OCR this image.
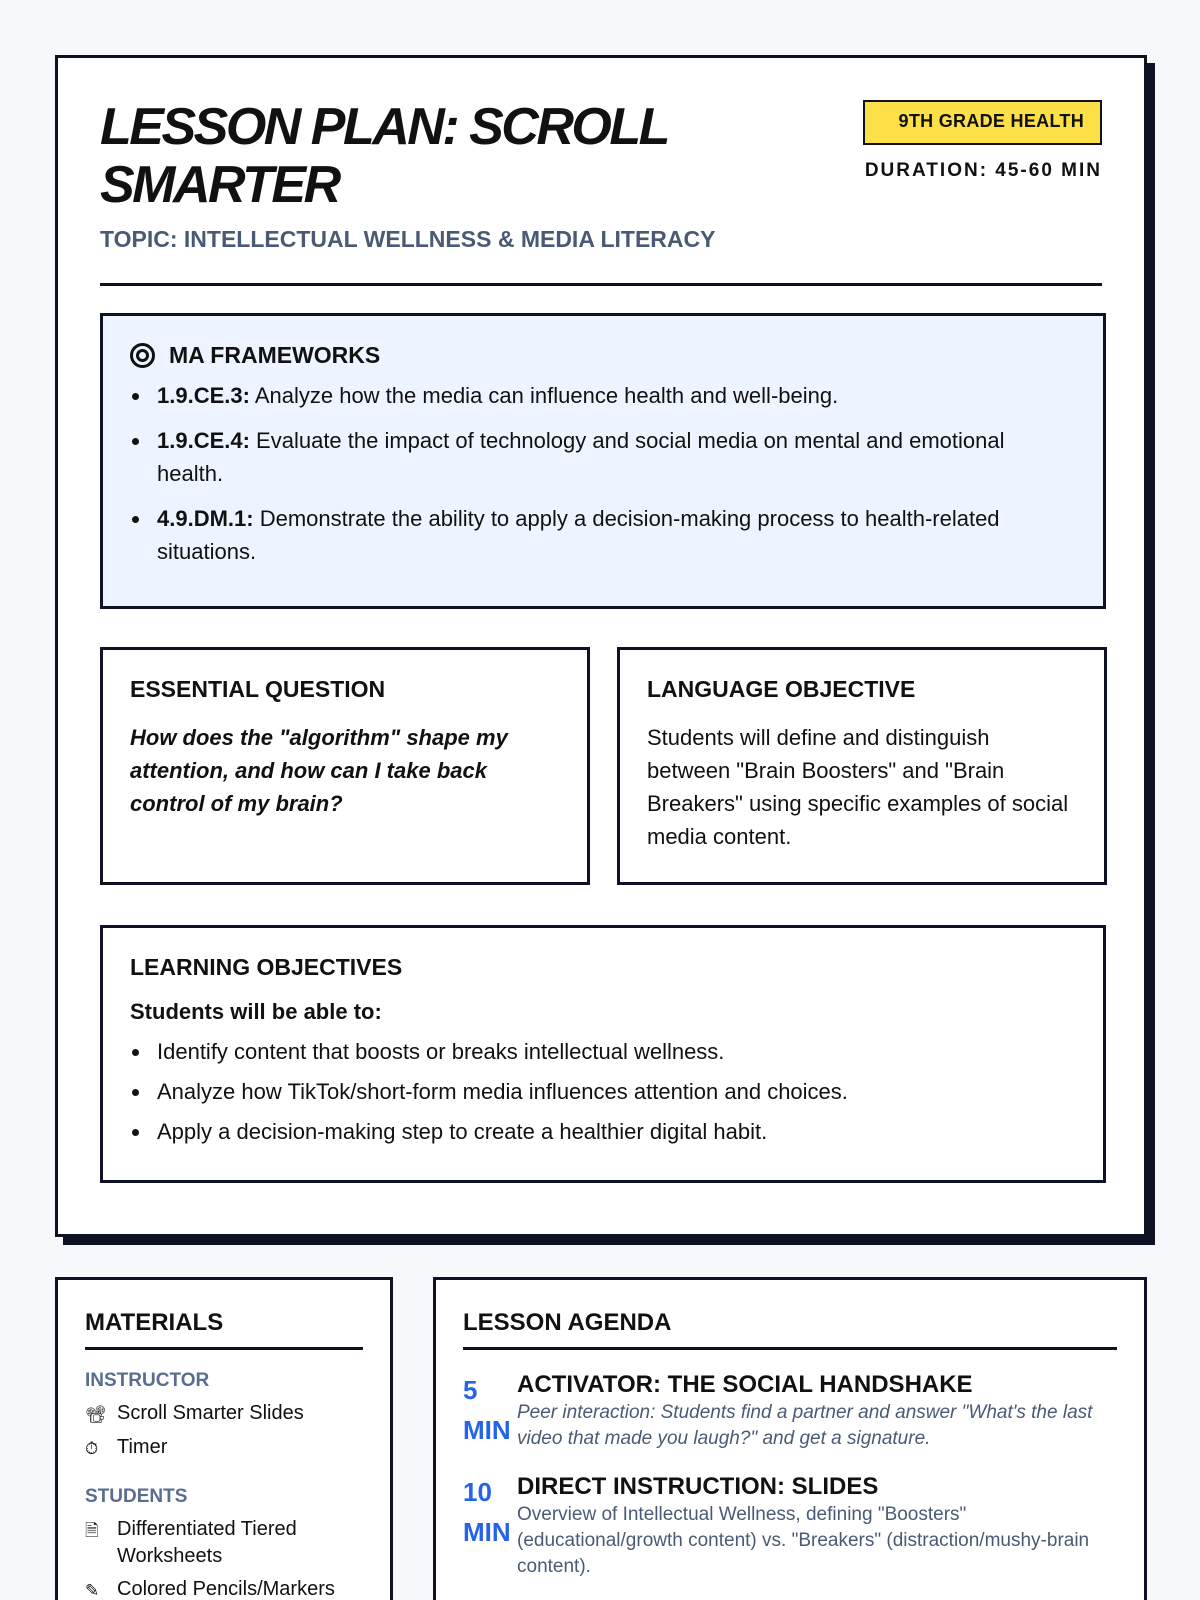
LESSON PLAN: SCROLL SMARTER
TOPIC: INTELLECTUAL WELLNESS & MEDIA LITERACY
9TH GRADE HEALTH
DURATION: 45-60 MIN
MA FRAMEWORKS
1.9.CE.3: Analyze how the media can influence health and well-being.
1.9.CE.4: Evaluate the impact of technology and social media on mental and emotional health.
4.9.DM.1: Demonstrate the ability to apply a decision-making process to health-related situations.
ESSENTIAL QUESTION

How does the "algorithm" shape my attention, and how can I take back control of my brain?

LANGUAGE OBJECTIVE

Students will define and distinguish between "Brain Boosters" and "Brain Breakers" using specific examples of social media content.

LEARNING OBJECTIVES
Students will be able to:
Identify content that boosts or breaks intellectual wellness.
Analyze how TikTok/short-form media influences attention and choices.
Apply a decision-making step to create a healthier digital habit.
MATERIALS
INSTRUCTOR
📽 Scroll Smarter Slides
⏱ Timer
STUDENTS
🗎 Differentiated Tiered Worksheets
✎ Colored Pencils/Markers
LESSON AGENDA
5 MIN
ACTIVATOR: THE SOCIAL HANDSHAKE

Peer interaction: Students find a partner and answer "What's the last video that made you laugh?" and get a signature.

10 MIN
DIRECT INSTRUCTION: SLIDES

Overview of Intellectual Wellness, defining "Boosters" (educational/growth content) vs. "Breakers" (distraction/mushy-brain content).
